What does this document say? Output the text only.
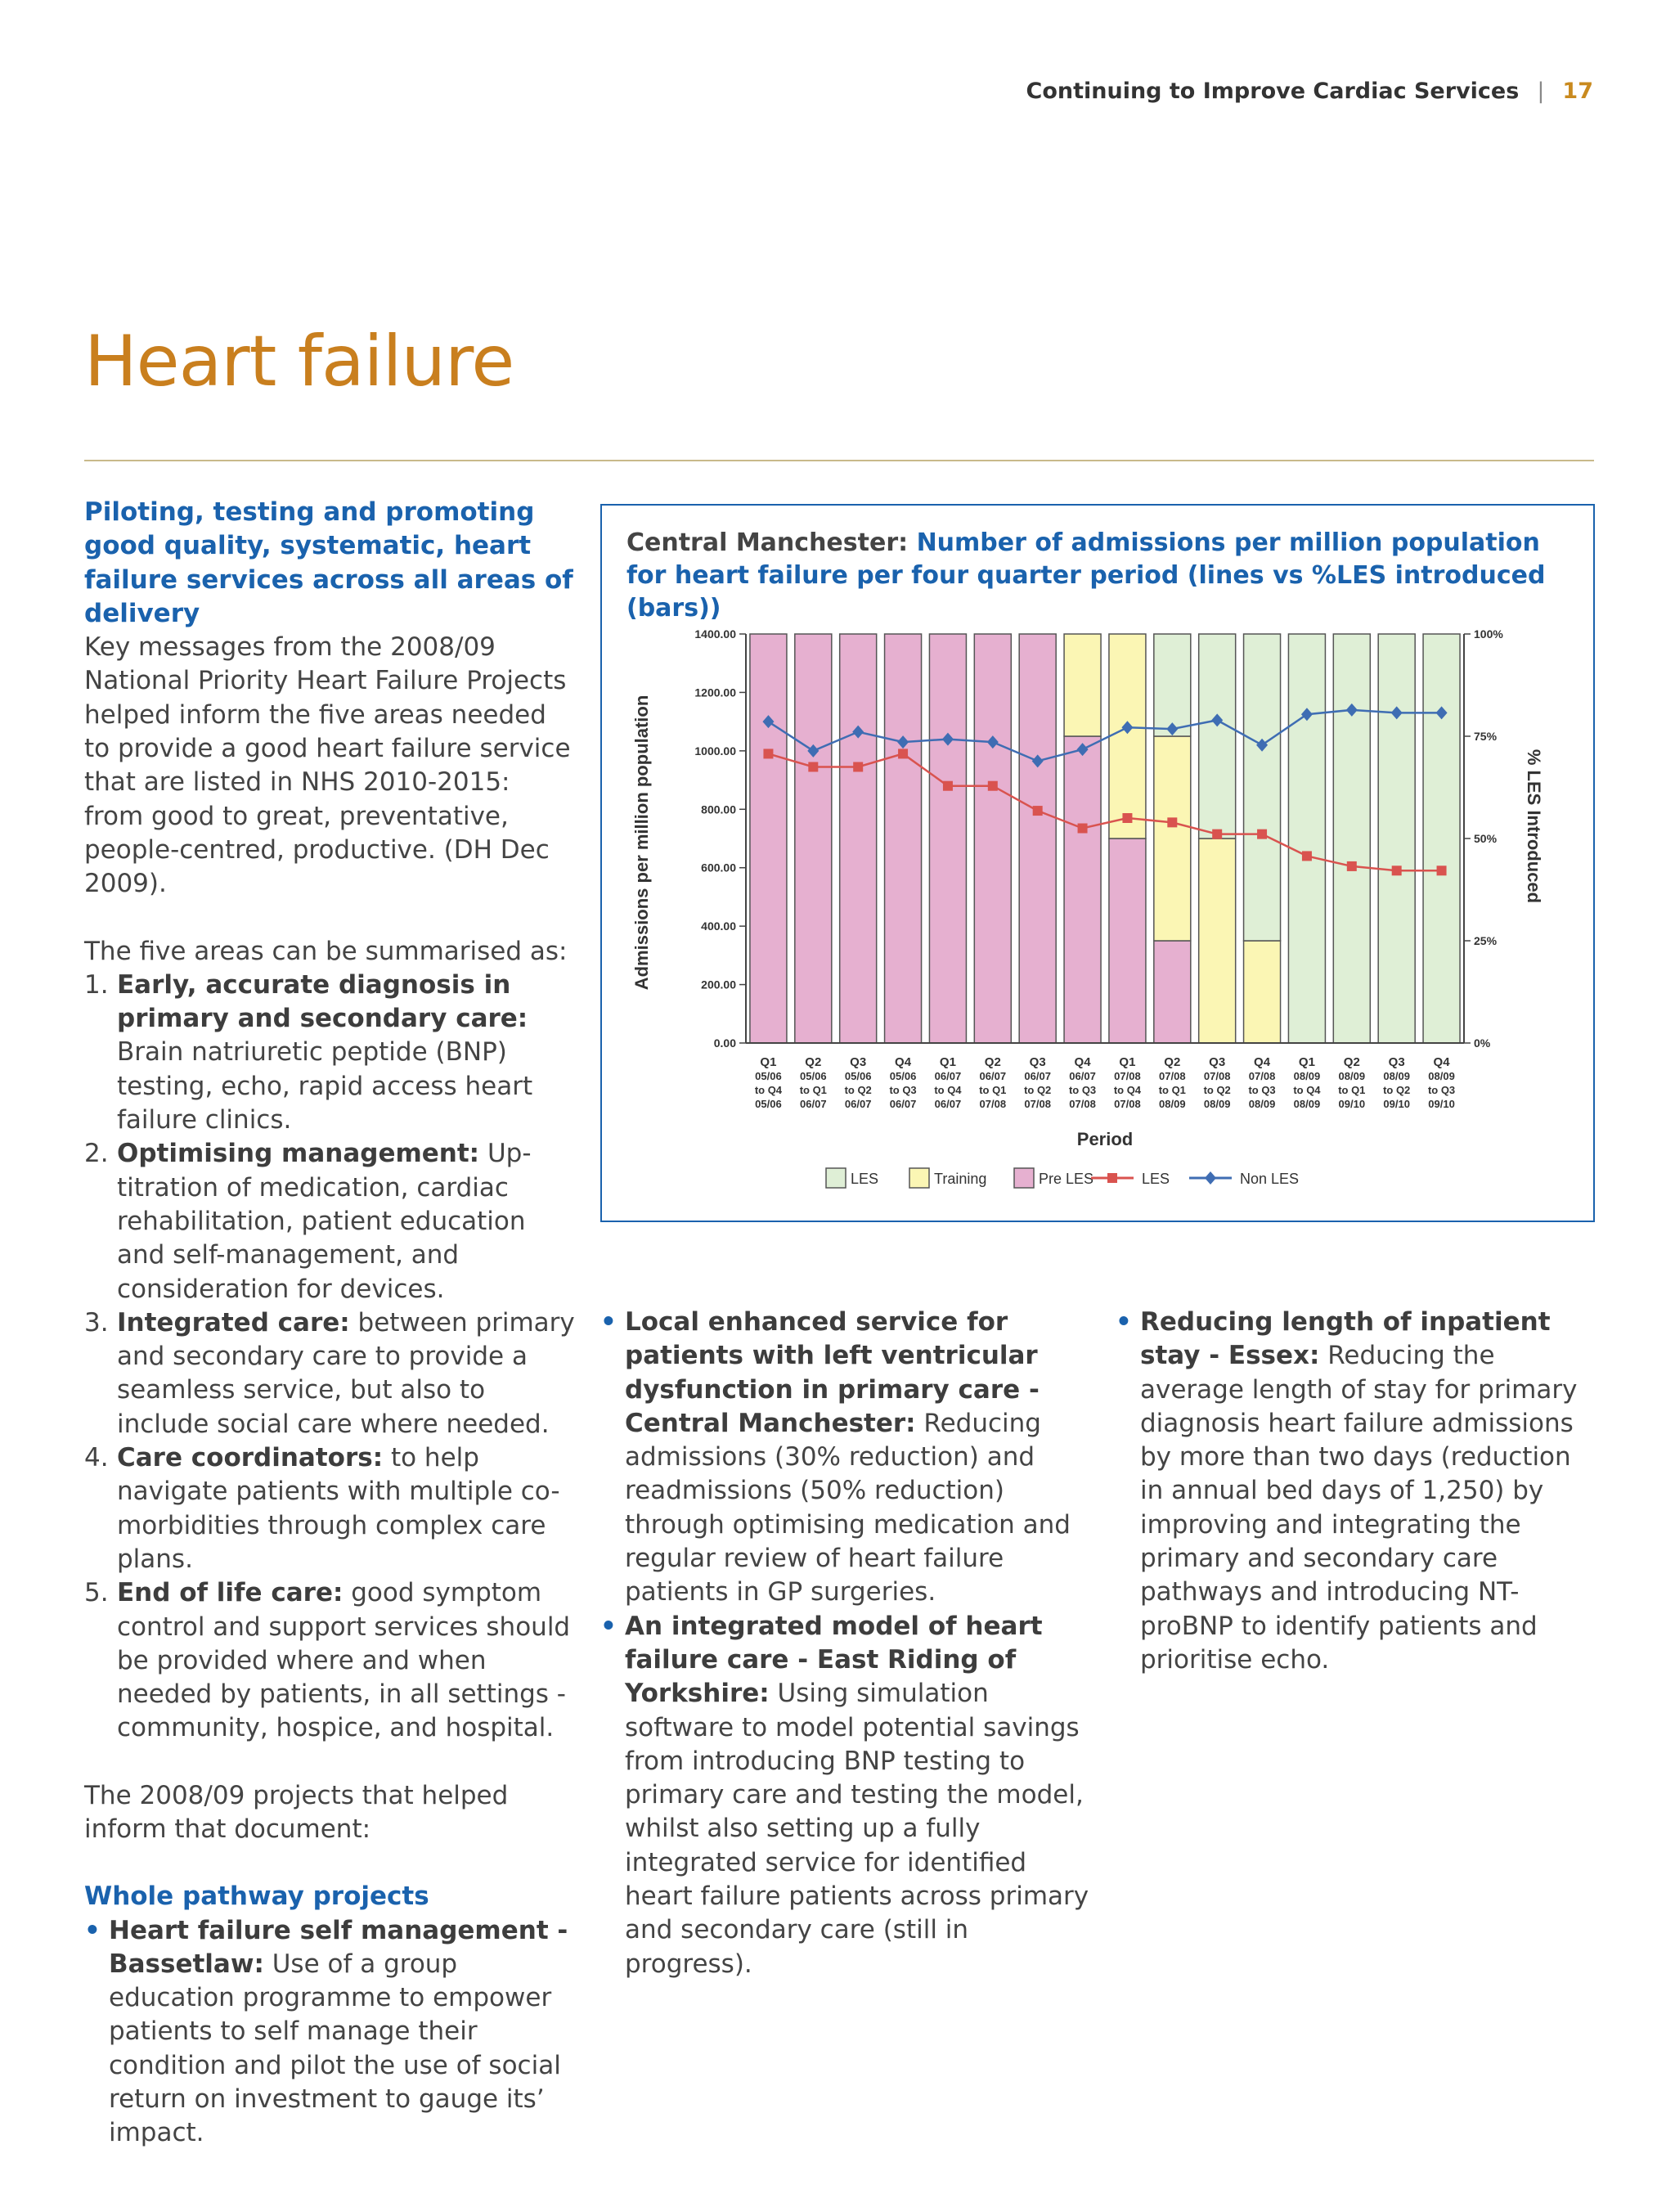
Continuing to Improve Cardiac Services | 17
Heart failure

Piloting, testing and promoting good quality, systematic, heart failure services across all areas of delivery

Key messages from the 2008/09 National Priority Heart Failure Projects helped inform the five areas needed to provide a good heart failure service that are listed in NHS 2010-2015: from good to great, preventative, people-centred, productive. (DH Dec 2009).

The five areas can be summarised as:

1. Early, accurate diagnosis in primary and secondary care: Brain natriuretic peptide (BNP) testing, echo, rapid access heart failure clinics.
2. Optimising management: Up-titration of medication, cardiac rehabilitation, patient education and self-management, and consideration for devices.
3. Integrated care: between primary and secondary care to provide a seamless service, but also to include social care where needed.
4. Care coordinators: to help navigate patients with multiple co-morbidities through complex care plans.
5. End of life care: good symptom control and support services should be provided where and when needed by patients, in all settings - community, hospice, and hospital.

The 2008/09 projects that helped inform that document:

Whole pathway projects

• Heart failure self management - Bassetlaw: Use of a group education programme to empower patients to self manage their condition and pilot the use of social return on investment to gauge its’ impact.
Central Manchester: Number of admissions per million population for heart failure per four quarter period (lines vs %LES introduced (bars))
1400.00
1200.00
1000.00
800.00
600.00
400.00
200.00
0.00
100%
75%
50%
25%
0%
Q1
05/06
to Q4
05/06
Q2
05/06
to Q1
06/07
Q3
05/06
to Q2
06/07
Q4
05/06
to Q3
06/07
Q1
06/07
to Q4
06/07
Q2
06/07
to Q1
07/08
Q3
06/07
to Q2
07/08
Q4
06/07
to Q3
07/08
Q1
07/08
to Q4
07/08
Q2
07/08
to Q1
08/09
Q3
07/08
to Q2
08/09
Q4
07/08
to Q3
08/09
Q1
08/09
to Q4
08/09
Q2
08/09
to Q1
09/10
Q3
08/09
to Q2
09/10
Q4
08/09
to Q3
09/10
Period
Admissions per million population	% LES Introduced
LES	Training	Pre LES	LES	Non LES
• Local enhanced service for patients with left ventricular dysfunction in primary care - Central Manchester: Reducing admissions (30% reduction) and readmissions (50% reduction) through optimising medication and regular review of heart failure patients in GP surgeries.
• An integrated model of heart failure care - East Riding of Yorkshire: Using simulation software to model potential savings from introducing BNP testing to primary care and testing the model, whilst also setting up a fully integrated service for identified heart failure patients across primary and secondary care (still in progress).
• Reducing length of inpatient stay - Essex: Reducing the average length of stay for primary diagnosis heart failure admissions by more than two days (reduction in annual bed days of 1,250) by improving and integrating the primary and secondary care pathways and introducing NT-proBNP to identify patients and prioritise echo.
